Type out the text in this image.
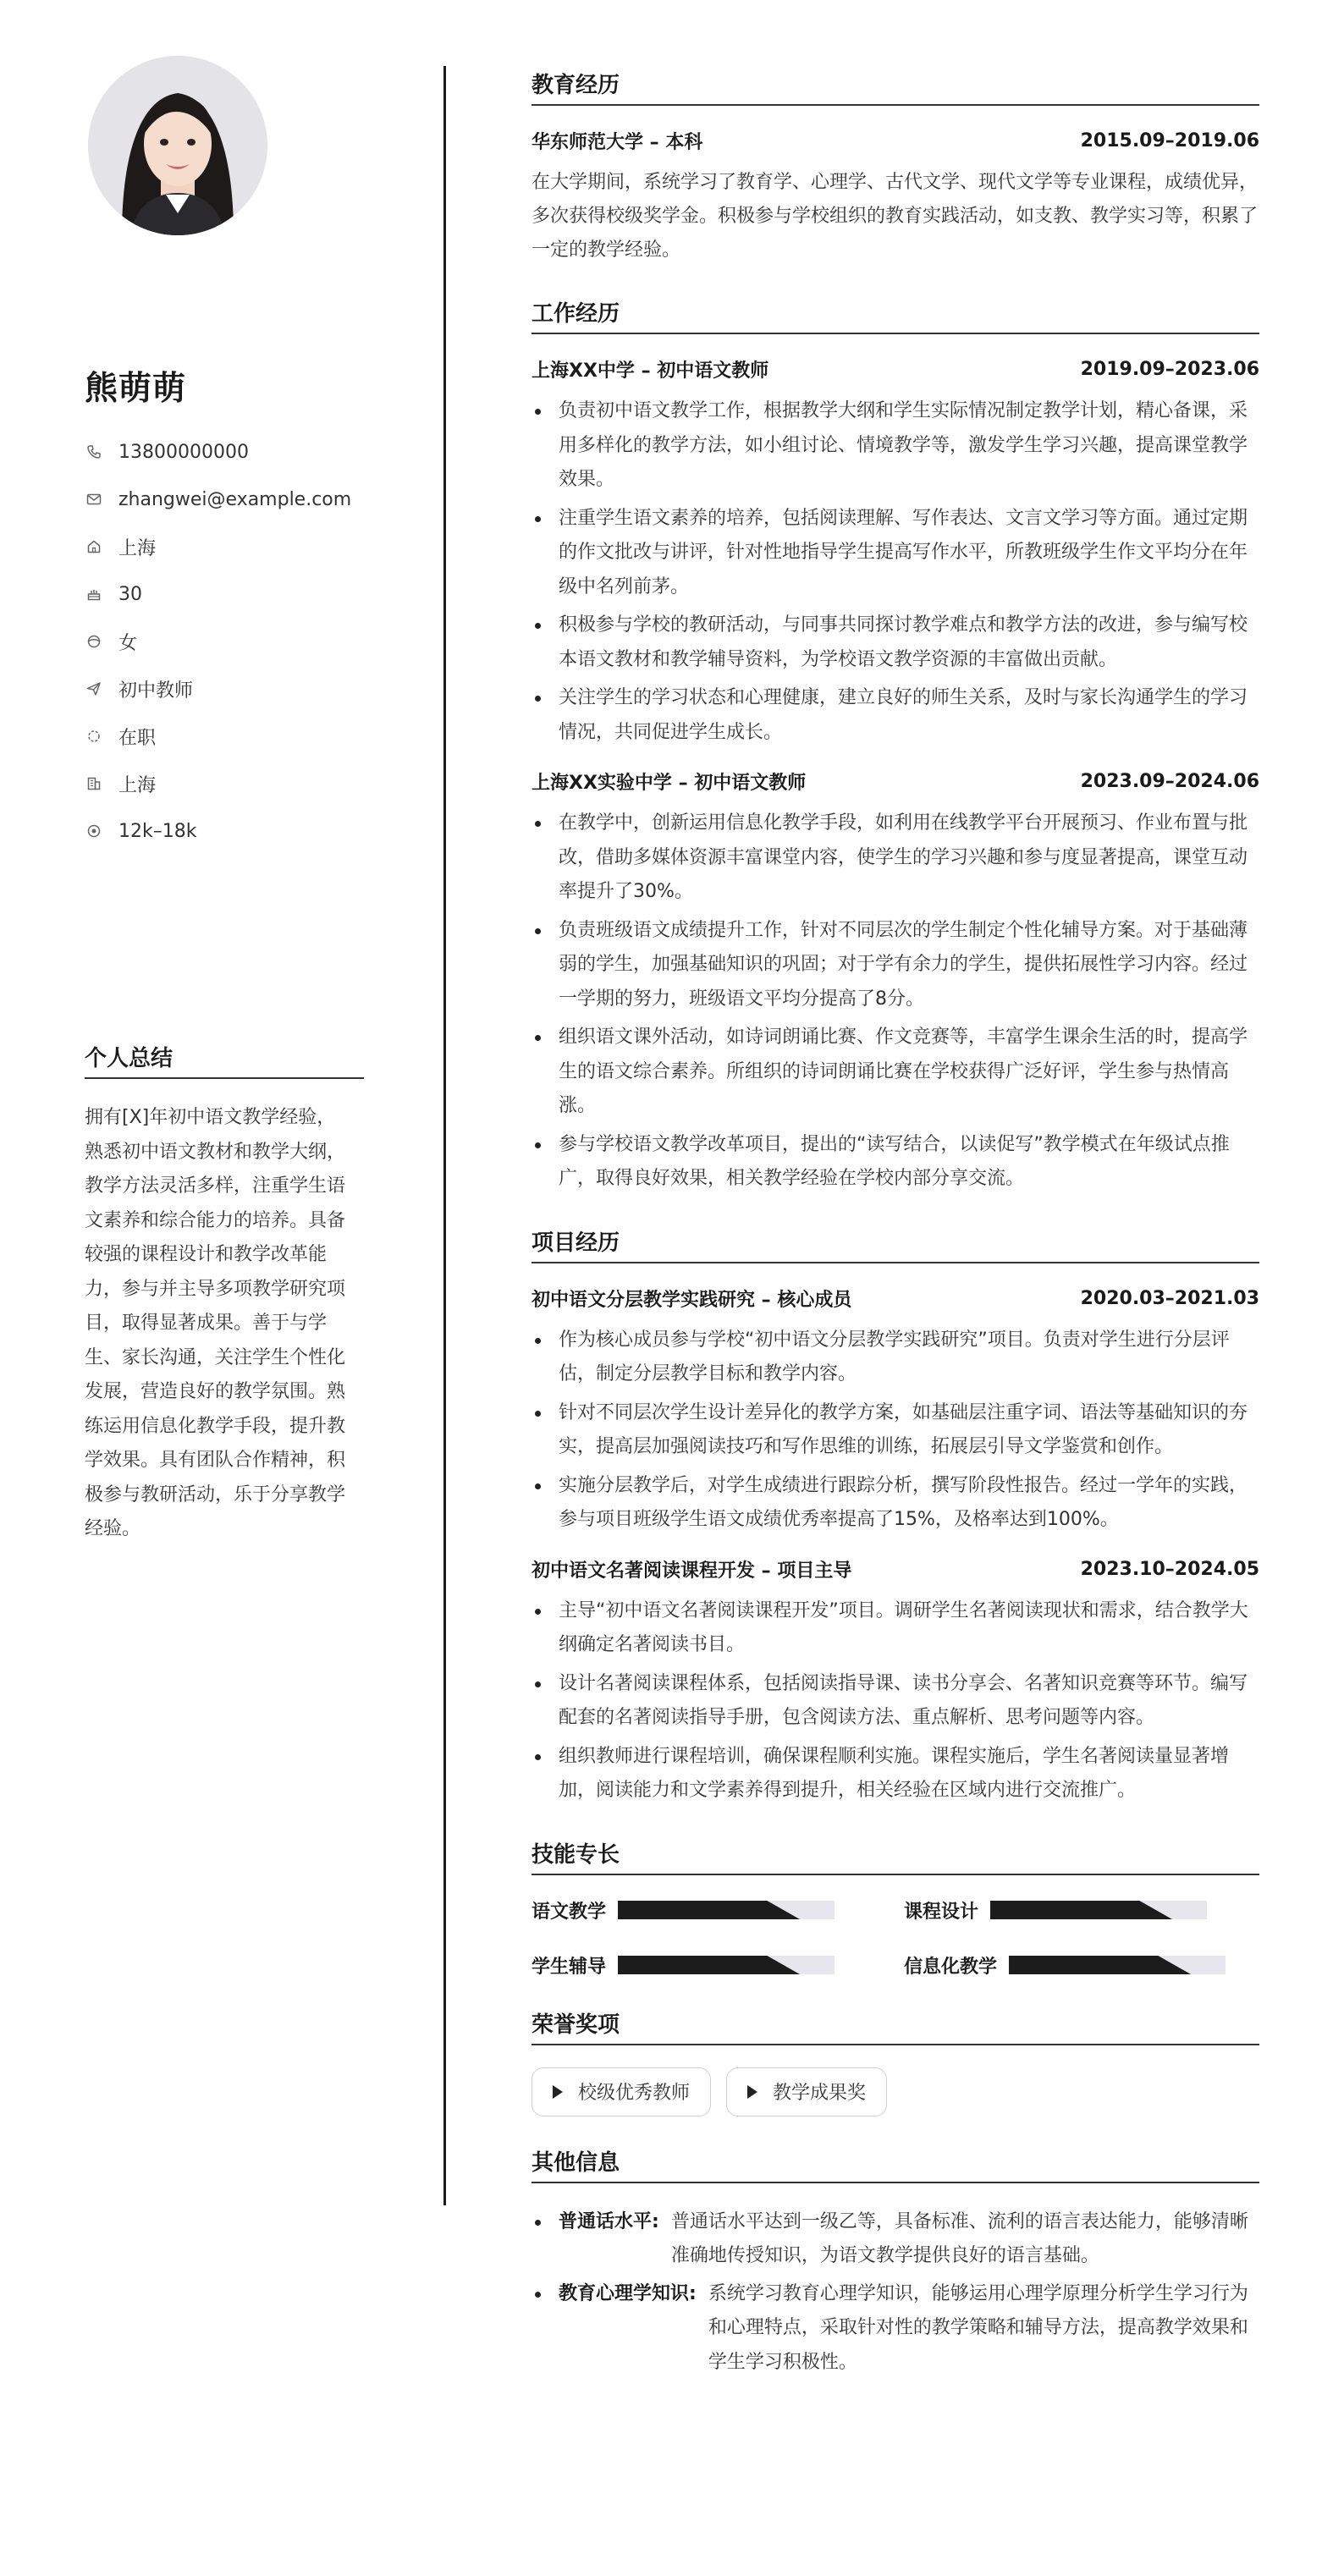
熊萌萌
13800000000
zhangwei@example.com
上海
30
女
初中教师
在职
上海
12k–18k
个人总结

拥有[X]年初中语文教学经验，熟悉初中语文教材和教学大纲，教学方法灵活多样，注重学生语文素养和综合能力的培养。具备较强的课程设计和教学改革能力，参与并主导多项教学研究项目，取得显著成果。善于与学生、家长沟通，关注学生个性化发展，营造良好的教学氛围。熟练运用信息化教学手段，提升教学效果。具有团队合作精神，积极参与教研活动，乐于分享教学经验。

教育经历
华东师范大学 – 本科	2015.09–2019.06

在大学期间，系统学习了教育学、心理学、古代文学、现代文学等专业课程，成绩优异，多次获得校级奖学金。积极参与学校组织的教育实践活动，如支教、教学实习等，积累了一定的教学经验。

工作经历
上海XX中学 – 初中语文教师	2019.09–2023.06
负责初中语文教学工作，根据教学大纲和学生实际情况制定教学计划，精心备课，采用多样化的教学方法，如小组讨论、情境教学等，激发学生学习兴趣，提高课堂教学效果。
注重学生语文素养的培养，包括阅读理解、写作表达、文言文学习等方面。通过定期的作文批改与讲评，针对性地指导学生提高写作水平，所教班级学生作文平均分在年级中名列前茅。
积极参与学校的教研活动，与同事共同探讨教学难点和教学方法的改进，参与编写校本语文教材和教学辅导资料，为学校语文教学资源的丰富做出贡献。
关注学生的学习状态和心理健康，建立良好的师生关系，及时与家长沟通学生的学习情况，共同促进学生成长。
上海XX实验中学 – 初中语文教师	2023.09–2024.06
在教学中，创新运用信息化教学手段，如利用在线教学平台开展预习、作业布置与批改，借助多媒体资源丰富课堂内容，使学生的学习兴趣和参与度显著提高，课堂互动率提升了30%。
负责班级语文成绩提升工作，针对不同层次的学生制定个性化辅导方案。对于基础薄弱的学生，加强基础知识的巩固；对于学有余力的学生，提供拓展性学习内容。经过一学期的努力，班级语文平均分提高了8分。
组织语文课外活动，如诗词朗诵比赛、作文竞赛等，丰富学生课余生活的时，提高学生的语文综合素养。所组织的诗词朗诵比赛在学校获得广泛好评，学生参与热情高涨。
参与学校语文教学改革项目，提出的“读写结合，以读促写”教学模式在年级试点推广，取得良好效果，相关教学经验在学校内部分享交流。
项目经历
初中语文分层教学实践研究 – 核心成员	2020.03–2021.03
作为核心成员参与学校“初中语文分层教学实践研究”项目。负责对学生进行分层评估，制定分层教学目标和教学内容。
针对不同层次学生设计差异化的教学方案，如基础层注重字词、语法等基础知识的夯实，提高层加强阅读技巧和写作思维的训练，拓展层引导文学鉴赏和创作。
实施分层教学后，对学生成绩进行跟踪分析，撰写阶段性报告。经过一学年的实践，参与项目班级学生语文成绩优秀率提高了15%，及格率达到100%。
初中语文名著阅读课程开发 – 项目主导	2023.10–2024.05
主导“初中语文名著阅读课程开发”项目。调研学生名著阅读现状和需求，结合教学大纲确定名著阅读书目。
设计名著阅读课程体系，包括阅读指导课、读书分享会、名著知识竞赛等环节。编写配套的名著阅读指导手册，包含阅读方法、重点解析、思考问题等内容。
组织教师进行课程培训，确保课程顺利实施。课程实施后，学生名著阅读量显著增加，阅读能力和文学素养得到提升，相关经验在区域内进行交流推广。
技能专长
语文教学	课程设计
学生辅导	信息化教学
荣誉奖项
校级优秀教师	教学成果奖
其他信息
普通话水平: 普通话水平达到一级乙等，具备标准、流利的语言表达能力，能够清晰准确地传授知识，为语文教学提供良好的语言基础。
教育心理学知识: 系统学习教育心理学知识，能够运用心理学原理分析学生学习行为和心理特点，采取针对性的教学策略和辅导方法，提高教学效果和学生学习积极性。
